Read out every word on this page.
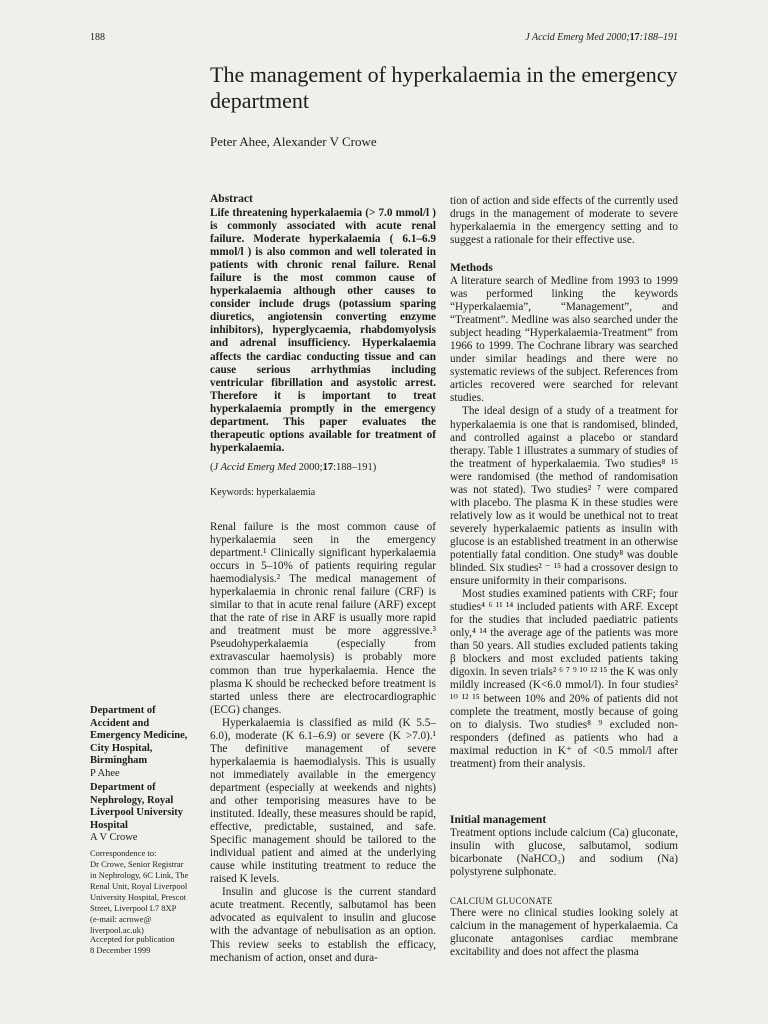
188	J Accid Emerg Med 2000;17:188–191
The management of hyperkalaemia in the emergency department
Peter Ahee, Alexander V Crowe
Abstract
Life threatening hyperkalaemia (> 7.0 mmol/l ) is commonly associated with acute renal failure. Moderate hyperkalaemia ( 6.1–6.9 mmol/l ) is also common and well tolerated in patients with chronic renal failure. Renal failure is the most common cause of hyperkalaemia although other causes to consider include drugs (potassium sparing diuretics, angiotensin converting enzyme inhibitors), hyperglycaemia, rhabdomyolysis and adrenal insufficiency. Hyperkalaemia affects the cardiac conducting tissue and can cause serious arrhythmias including ventricular fibrillation and asystolic arrest. Therefore it is important to treat hyperkalaemia promptly in the emergency department. This paper evaluates the therapeutic options available for treatment of hyperkalaemia.
(J Accid Emerg Med 2000;17:188–191)
Keywords: hyperkalaemia

Renal failure is the most common cause of hyperkalaemia seen in the emergency department.¹ Clinically significant hyperkalaemia occurs in 5–10% of patients requiring regular haemodialysis.² The medical management of hyperkalaemia in chronic renal failure (CRF) is similar to that in acute renal failure (ARF) except that the rate of rise in ARF is usually more rapid and treatment must be more aggressive.³ Pseudohyperkalaemia (especially from extravascular haemolysis) is probably more common than true hyperkalaemia. Hence the plasma K should be rechecked before treatment is started unless there are electrocardiographic (ECG) changes.

Hyperkalaemia is classified as mild (K 5.5–6.0), moderate (K 6.1–6.9) or severe (K >7.0).¹ The definitive management of severe hyperkalaemia is haemodialysis. This is usually not immediately available in the emergency department (especially at weekends and nights) and other temporising measures have to be instituted. Ideally, these measures should be rapid, effective, predictable, sustained, and safe. Specific management should be tailored to the individual patient and aimed at the underlying cause while instituting treatment to reduce the raised K levels.

Insulin and glucose is the current standard acute treatment. Recently, salbutamol has been advocated as equivalent to insulin and glucose with the advantage of nebulisation as an option. This review seeks to establish the efficacy, mechanism of action, onset and dura-

Department of
Accident and
Emergency Medicine,
City Hospital,
Birmingham
P Ahee
Department of
Nephrology, Royal
Liverpool University
Hospital
A V Crowe
Correspondence to:
Dr Crowe, Senior Registrar
in Nephrology, 6C Link, The
Renal Unit, Royal Liverpool
University Hospital, Prescot
Street, Liverpool L7 8XP
(e-mail: acrowe@
liverpool.ac.uk)
Accepted for publication
8 December 1999
tion of action and side effects of the currently used drugs in the management of moderate to severe hyperkalaemia in the emergency setting and to suggest a rationale for their effective use.
Methods

A literature search of Medline from 1993 to 1999 was performed linking the keywords “Hyperkalaemia”, “Management”, and “Treatment”. Medline was also searched under the subject heading “Hyperkalaemia-Treatment” from 1966 to 1999. The Cochrane library was searched under similar headings and there were no systematic reviews of the subject. References from articles recovered were searched for relevant studies.

The ideal design of a study of a treatment for hyperkalaemia is one that is randomised, blinded, and controlled against a placebo or standard therapy. Table 1 illustrates a summary of studies of the treatment of hyperkalaemia. Two studies⁸ ¹⁵ were randomised (the method of randomisation was not stated). Two studies² ⁷ were compared with placebo. The plasma K in these studies were relatively low as it would be unethical not to treat severely hyperkalaemic patients as insulin with glucose is an established treatment in an otherwise potentially fatal condition. One study⁸ was double blinded. Six studies² ⁻ ¹⁵ had a crossover design to ensure uniformity in their comparisons.

Most studies examined patients with CRF; four studies⁴ ⁶ ¹¹ ¹⁴ included patients with ARF. Except for the studies that included paediatric patients only,⁴ ¹⁴ the average age of the patients was more than 50 years. All studies excluded patients taking β blockers and most excluded patients taking digoxin. In seven trials² ⁶ ⁷ ⁹ ¹⁰ ¹² ¹⁵ the K was only mildly increased (K<6.0 mmol/l). In four studies² ¹⁰ ¹² ¹⁵ between 10% and 20% of patients did not complete the treatment, mostly because of going on to dialysis. Two studies⁸ ⁹ excluded non-responders (defined as patients who had a maximal reduction in K⁺ of <0.5 mmol/l after treatment) from their analysis.

Initial management
Treatment options include calcium (Ca) gluconate, insulin with glucose, salbutamol, sodium bicarbonate (NaHCO₃) and sodium (Na) polystyrene sulphonate.
CALCIUM GLUCONATE
There were no clinical studies looking solely at calcium in the management of hyperkalaemia. Ca gluconate antagonises cardiac membrane excitability and does not affect the plasma
